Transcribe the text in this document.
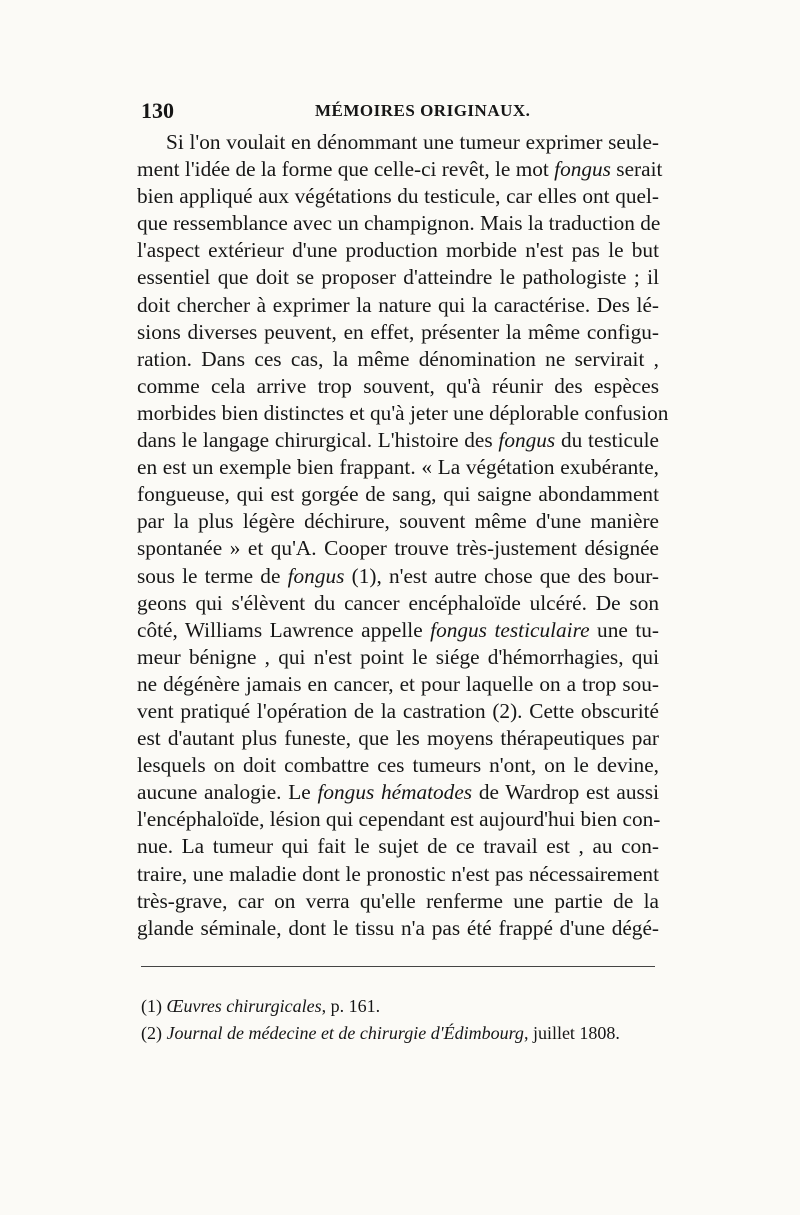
130	MÉMOIRES ORIGINAUX.
Si l'on voulait en dénommant une tumeur exprimer seule-
ment l'idée de la forme que celle-ci revêt, le mot fongus serait
bien appliqué aux végétations du testicule, car elles ont quel-
que ressemblance avec un champignon. Mais la traduction de
l'aspect extérieur d'une production morbide n'est pas le but
essentiel que doit se proposer d'atteindre le pathologiste ; il
doit chercher à exprimer la nature qui la caractérise. Des lé-
sions diverses peuvent, en effet, présenter la même configu-
ration. Dans ces cas, la même dénomination ne servirait ,
comme cela arrive trop souvent, qu'à réunir des espèces
morbides bien distinctes et qu'à jeter une déplorable confusion
dans le langage chirurgical. L'histoire des fongus du testicule
en est un exemple bien frappant. « La végétation exubérante,
fongueuse, qui est gorgée de sang, qui saigne abondamment
par la plus légère déchirure, souvent même d'une manière
spontanée » et qu'A. Cooper trouve très-justement désignée
sous le terme de fongus (1), n'est autre chose que des bour-
geons qui s'élèvent du cancer encéphaloïde ulcéré. De son
côté, Williams Lawrence appelle fongus testiculaire une tu-
meur bénigne , qui n'est point le siége d'hémorrhagies, qui
ne dégénère jamais en cancer, et pour laquelle on a trop sou-
vent pratiqué l'opération de la castration (2). Cette obscurité
est d'autant plus funeste, que les moyens thérapeutiques par
lesquels on doit combattre ces tumeurs n'ont, on le devine,
aucune analogie. Le fongus hématodes de Wardrop est aussi
l'encéphaloïde, lésion qui cependant est aujourd'hui bien con-
nue. La tumeur qui fait le sujet de ce travail est , au con-
traire, une maladie dont le pronostic n'est pas nécessairement
très-grave, car on verra qu'elle renferme une partie de la
glande séminale, dont le tissu n'a pas été frappé d'une dégé-
(1) Œuvres chirurgicales, p. 161.
(2) Journal de médecine et de chirurgie d'Édimbourg, juillet 1808.
